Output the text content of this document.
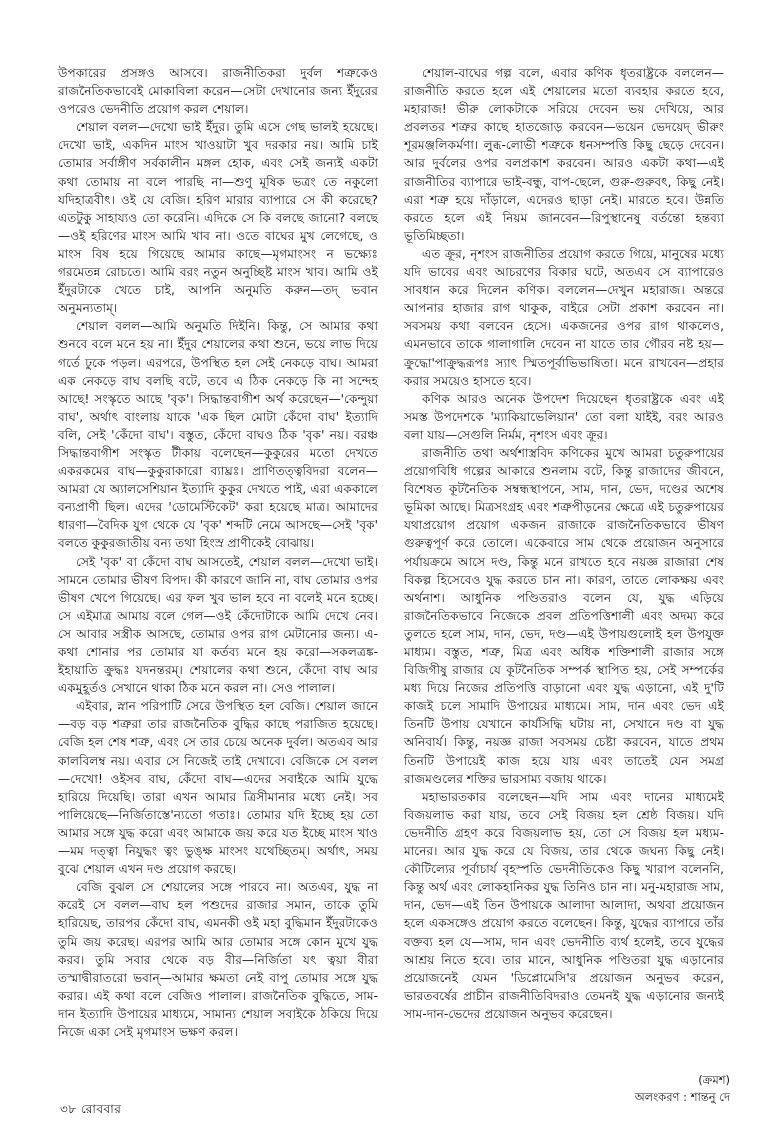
উপকারের প্রসঙ্গও আসবে। রাজনীতিকরা দুর্বল শত্রুকেও রাজনৈতিকভাবেই মোকাবিলা করেন—সেটা দেখানোর জন্য ইঁদুরের ওপরেও ভেদনীতি প্রয়োগ করল শেয়াল।

শেয়াল বলল—দেখো ভাই ইঁদুর। তুমি এসে গেছ ভালই হয়েছে। দেখো ভাই, একদিন মাংস খাওয়াটা খুব দরকার নয়। আমি চাই তোমার সর্বাঙ্গীণ সর্বকালীন মঙ্গল হোক, এবং সেই জন্যই একটা কথা তোমায় না বলে পারছি না—শুণু মূষিক ভত্রং তে নকুলো যদিহাত্রবীৎ। ওই যে বেজি। হরিণ মারার ব্যাপারে সে কী করেছে? এতটুকু সাহায্যও তো করেনি। এদিকে সে কি বলছে জানো? বলছে—ওই হরিণের মাংস আমি খাব না। ওতে বাঘের মুখ লেগেছে, ও মাংস বিষ হয়ে গিয়েছে আমার কাছে—মৃগমাংসং ন ভক্ষ্যেঃ গরমেতন্ন রোচতে। আমি বরং নতুন অনুচ্ছিষ্ট মাংস খাব। আমি ওই ইঁদুরটাকে খেতে চাই, আপনি অনুমতি করুন—তদ্ ভবান অনুমন্যতাম্।

শেয়াল বলল—আমি অনুমতি দিইনি। কিন্তু, সে আমার কথা শুনবে বলে মনে হয় না। ইঁদুর শেয়ালের কথা শুনে, ভয়ে লাভ দিয়ে গর্তে ঢুকে পড়ল। এরপরে, উপস্থিত হল সেই নেকড়ে বাঘ। আমরা এক নেকড়ে বাঘ বলছি বটে, তবে এ ঠিক নেকড়ে কি না সন্দেহ আছে! সংস্কৃতে আছে 'বৃক'। সিদ্ধান্তবাগীশ অর্থ করেছেন—'কেন্দুয়া বাঘ', অর্থাৎ বাংলায় যাকে 'এক ছিল মোটা কেঁদো বাঘ' ইত্যাদি বলি, সেই 'কেঁদো বাঘ'। বস্তুত, কেঁদো বাঘও ঠিক 'বৃক' নয়। বরঞ্চ সিদ্ধান্তবাগীশ সংস্কৃত টীকায় বলেছেন—কুকুরের মতো দেখতে একরকমের বাঘ—কুকুরাকারো ব্যাঘ্রঃ। প্রাণিতত্ত্ববিদরা বলেন—আমরা যে অ্যালসেশিয়ান ইত্যাদি কুকুর দেখতে পাই, এরা এককালে বন্যপ্রাণী ছিল। এদের 'ডোমেস্টিকেট' করা হয়েছে মাত্র। আমাদের ধারণা—বৈদিক যুগ থেকে যে 'বৃক' শব্দটি নেমে আসছে—সেই 'বৃক' বলতে কুকুরজাতীয় বন্য তথা হিংস্র প্রাণীকেই বোঝায়।

সেই 'বৃক' বা কেঁদো বাঘ আসতেই, শেয়াল বলল—দেখো ভাই। সামনে তোমার ভীষণ বিপদ। কী কারণে জানি না, বাঘ তোমার ওপর ভীষণ খেপে গিয়েছে। এর ফল খুব ভাল হবে না বলেই মনে হচ্ছে। সে এইমাত্র আমায় বলে গেল—ওই কেঁদোটাকে আমি দেখে নেব। সে আবার সস্ত্রীক আসছে, তোমার ওপর রাগ মেটানোর জন্য। এ-কথা শোনার পর তোমার যা কর্তব্য মনে হয় করো—সকলত্রঙ্ক-ইহায়াতি ক্রুদ্ধঃ যদনন্তরম্। শেয়ালের কথা শুনে, কেঁদো বাঘ আর একমুহূর্তও সেখানে থাকা ঠিক মনে করল না। সেও পালাল।

এইবার, স্নান পরিপাটি সেরে উপস্থিত হল বেজি। শেয়াল জানে—বড় বড় শত্রুরা তার রাজনৈতিক বুদ্ধির কাছে পরাজিত হয়েছে। বেজি হল শেষ শত্রু, এবং সে তার চেয়ে অনেক দুর্বল। অতএব আর কালবিলম্ব নয়। এবার সে নিজেই তাই দেখাবে। বেজিকে সে বলল—দেখো! ওইসব বাঘ, কেঁদো বাঘ—এদের সবাইকে আমি যুদ্ধে হারিয়ে দিয়েছি। তারা এখন আমার ত্রিসীমানার মধ্যে নেই। সব পালিয়েছে—নির্জিতাস্তে'ন্যতো গতাঃ। তোমার যদি ইচ্ছে হয় তো আমার সঙ্গে যুদ্ধ করো এবং আমাকে জয় করে যত ইচ্ছে মাংস খাও—মম দত্ত্বা নিযুদ্ধং ত্বং ভুঙ্‌ক্ষ মাংসং যথেচ্ছিতম্। অর্থাৎ, সময় বুঝে শেয়াল এখন দণ্ড প্রয়োগ করছে।

বেজি বুঝল সে শেয়ালের সঙ্গে পারবে না। অতএব, যুদ্ধ না করেই সে বলল—বাঘ হল পশুদের রাজার সমান, তাকে তুমি হারিয়েছ, তারপর কেঁদো বাঘ, এমনকী ওই মহা বুদ্ধিমান ইঁদুরটাকেও তুমি জয় করেছ। এরপর আমি আর তোমার সঙ্গে কোন মুখে যুদ্ধ করব। তুমি সবার থেকে বড় বীর—নির্জিতা যৎ ত্বয়া বীরা তস্মাদ্বীরাতরো ভবান্—আমার ক্ষমতা নেই বাপু তোমার সঙ্গে যুদ্ধ করার। এই কথা বলে বেজিও পালাল। রাজনৈতিক বুদ্ধিতে, সাম-দান ইত্যাদি উপায়ের মাধ্যমে, সামান্য শেয়াল সবাইকে ঠকিয়ে দিয়ে নিজে একা সেই মৃগমাংস ভক্ষণ করল।

শেয়াল-বাঘের গল্প বলে, এবার কণিক ধৃতরাষ্ট্রকে বললেন—রাজনীতি করতে হলে এই শেয়ালের মতো ব্যবহার করতে হবে, মহারাজ! ভীরু লোকটাকে সরিয়ে দেবেন ভয় দেখিয়ে, আর প্রবলতর শত্রুর কাছে হাতজোড় করবেন—ভয়েন ভেদয়েদ্ ভীরুং শূরমঞ্জলিকর্মণা। লুব্ধ-লোভী শত্রুকে ধনসম্পত্তি কিছু ছেড়ে দেবেন। আর দুর্বলের ওপর বলপ্রকাশ করবেন। আরও একটা কথা—এই রাজনীতির ব্যাপারে ভাই-বন্ধু, বাপ-ছেলে, গুরু-গুরুবৎ, কিছু নেই। এরা শত্রু হয়ে দাঁড়ালে, এদেরও ছাড়া নেই। মারতে হবে। উন্নতি করতে হলে এই নিয়ম জানবেন—রিপুস্থানেষু বর্তন্তো হন্তব্যা ভূতিমিচ্ছতা।

এত ক্রূর, নৃশংস রাজনীতির প্রয়োগ করতে গিয়ে, মানুষের মধ্যে যদি ভাবের এবং আচরণের বিকার ঘটে, অতএব সে ব্যাপারেও সাবধান করে দিলেন কণিক। বললেন—দেখুন মহারাজ। অন্তরে আপনার হাজার রাগ থাকুক, বাইরে সেটা প্রকাশ করবেন না। সবসময় কথা বলবেন হেসে। একজনের ওপর রাগ থাকলেও, এমনভাবে তাকে গালাগালি দেবেন না যাতে তার গৌরব নষ্ট হয়—ক্রুদ্ধো'পাক্রুদ্ধরূপঃ স্যাৎ স্মিতপূর্বাভিভাষিতা। মনে রাখবেন—প্রহার করার সময়েও হাসতে হবে।

কণিক আরও অনেক উপদেশ দিয়েছেন ধৃতরাষ্ট্রকে এবং এই সমস্ত উপদেশকে 'ম্যাকিয়াভেলিয়ান' তো বলা যাইই, বরং আরও বলা যায়—সেগুলি নির্মম, নৃশংস এবং ক্রূর।

রাজনীতি তথা অর্থশাস্ত্রবিদ কণিকের মুখে আমরা চতুরুপায়ের প্রয়োগবিধি গল্পের আকারে শুনলাম বটে, কিন্তু রাজাদের জীবনে, বিশেষত কূটনৈতিক সম্বন্ধস্থাপনে, সাম, দান, ভেদ, দণ্ডের অশেষ ভূমিকা আছে। মিত্রসংগ্রহ এবং শত্রুপীড়নের ক্ষেত্রে এই চতুরুপায়ের যথাপ্রয়োগ প্রয়োগ একজন রাজাকে রাজনৈতিকভাবে ভীষণ গুরুত্বপূর্ণ করে তোলে। একেবারে সাম থেকে প্রয়োজন অনুসারে পর্যায়ক্রমে আসে দণ্ড, কিন্তু মনে রাখতে হবে নয়জ্ঞ রাজারা শেষ বিকল্প হিসেবেও যুদ্ধ করতে চান না। কারণ, তাতে লোকক্ষয় এবং অর্থনাশ। আধুনিক পণ্ডিতরাও বলেন যে, যুদ্ধ এড়িয়ে রাজনৈতিকভাবে নিজেকে প্রবল প্রতিপত্তিশালী এবং অদম্য করে তুলতে হলে সাম, দান, ভেদ, দণ্ড—এই উপায়গুলোই হল উপযুক্ত মাধ্যম। বস্তুত, শত্রু, মিত্র এবং অধিক শক্তিশালী রাজার সঙ্গে বিজিগীষু রাজার যে কূটনৈতিক সম্পর্ক স্থাপিত হয়, সেই সম্পর্কের মধ্য দিয়ে নিজের প্রতিপত্তি বাড়ানো এবং যুদ্ধ এড়ানো, এই দু'টি কাজই চলে সামাদি উপায়ের মাধ্যমে। সাম, দান এবং ভেদ এই তিনটি উপায় যেখানে কার্যসিদ্ধি ঘটায় না, সেখানে দণ্ড বা যুদ্ধ অনিবার্য। কিন্তু, নয়জ্ঞ রাজা সবসময় চেষ্টা করবেন, যাতে প্রথম তিনটি উপায়েই কাজ হয়ে যায় এবং তাতেই যেন সমগ্র রাজমণ্ডলের শক্তির ভারসাম্য বজায় থাকে।

মহাভারতকার বলেছেন—যদি সাম এবং দানের মাধ্যমেই বিজয়লাভ করা যায়, তবে সেই বিজয় হল শ্রেষ্ঠ বিজয়। যদি ভেদনীতি গ্রহণ করে বিজয়লাভ হয়, তো সে বিজয় হল মধ্যম-মানের। আর যুদ্ধ করে যে বিজয়, তার থেকে জঘন্য কিছু নেই। কৌটিল্যের পূর্বাচার্য বৃহস্পতি ভেদনীতিকেও কিছু খারাপ বলেননি, কিন্তু অর্থ এবং লোকহানিকর যুদ্ধ তিনিও চান না। মনু-মহারাজ সাম, দান, ভেদ—এই তিন উপায়কে আলাদা আলাদা, অথবা প্রয়োজন হলে একসঙ্গেও প্রয়োগ করতে বলেছেন। কিন্তু, যুদ্ধের ব্যাপারে তাঁর বক্তব্য হল যে—সাম, দান এবং ভেদনীতি ব্যর্থ হলেই, তবে যুদ্ধের আশ্রয় নিতে হবে। তার মানে, আধুনিক পণ্ডিতরা যুদ্ধ এড়ানোর প্রয়োজনেই যেমন 'ডিপ্লোমেসি'র প্রয়োজন অনুভব করেন, ভারতবর্ষের প্রাচীন রাজনীতিবিদরাও তেমনই যুদ্ধ এড়ানোর জন্যই সাম-দান-ভেদের প্রয়োজন অনুভব করেছেন।

(ক্রমশ)
অলংকরণ : শান্তনু দে
৩৮ রোববার
